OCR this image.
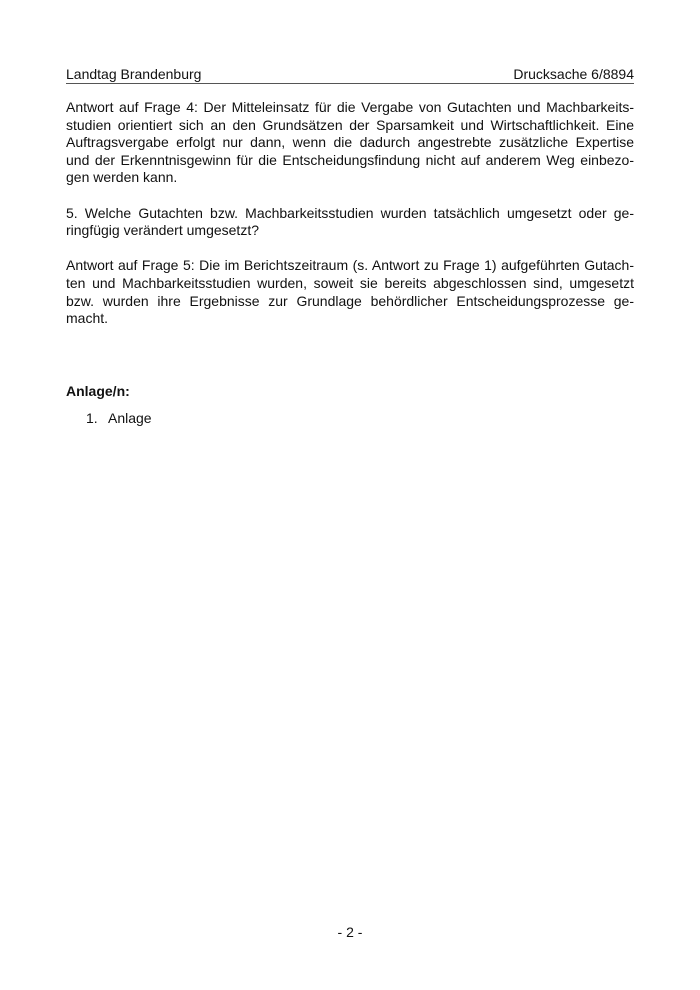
Landtag Brandenburg	Drucksache 6/8894
Antwort auf Frage 4: Der Mitteleinsatz für die Vergabe von Gutachten und Machbarkeits-
studien orientiert sich an den Grundsätzen der Sparsamkeit und Wirtschaftlichkeit. Eine
Auftragsvergabe erfolgt nur dann, wenn die dadurch angestrebte zusätzliche Expertise
und der Erkenntnisgewinn für die Entscheidungsfindung nicht auf anderem Weg einbezo-
gen werden kann.
5. Welche Gutachten bzw. Machbarkeitsstudien wurden tatsächlich umgesetzt oder ge-
ringfügig verändert umgesetzt?
Antwort auf Frage 5: Die im Berichtszeitraum (s. Antwort zu Frage 1) aufgeführten Gutach-
ten und Machbarkeitsstudien wurden, soweit sie bereits abgeschlossen sind, umgesetzt
bzw. wurden ihre Ergebnisse zur Grundlage behördlicher Entscheidungsprozesse ge-
macht.
Anlage/n:
1. Anlage
- 2 -
